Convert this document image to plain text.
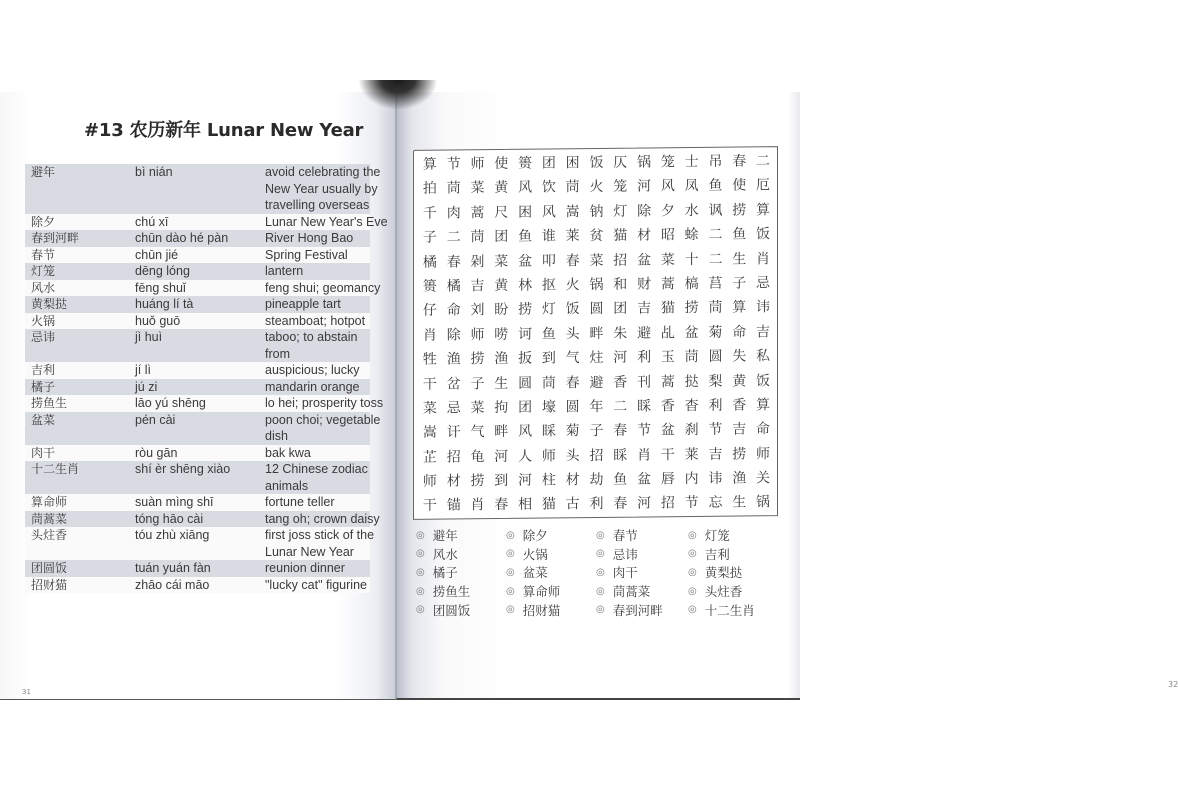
#13 农历新年 Lunar New Year
避年	bì nián	avoid celebrating the
New Year usually by
travelling overseas
除夕	chú xī	Lunar New Year's Eve
春到河畔	chūn dào hé pàn	River Hong Bao
春节	chūn jié	Spring Festival
灯笼	dēng lóng	lantern
风水	fēng shuǐ	feng shui; geomancy
黄梨挞	huáng lí tà	pineapple tart
火锅	huǒ guō	steamboat; hotpot
忌讳	jì huì	taboo; to abstain
from
吉利	jí lì	auspicious; lucky
橘子	jú zi	mandarin orange
捞鱼生	lāo yú shēng	lo hei; prosperity toss
盆菜	pén cài	poon choi; vegetable
dish
肉干	ròu gān	bak kwa
十二生肖	shí èr shēng xiào	12 Chinese zodiac
animals
算命师	suàn mìng shī	fortune teller
茼蒿菜	tóng hāo cài	tang oh; crown daisy
头炷香	tóu zhù xiāng	first joss stick of the
Lunar New Year
团圆饭	tuán yuán fàn	reunion dinner
招财猫	zhāo cái māo	"lucky cat" figurine
31
32
算 节 师 使 篑 团 困 饭 仄 锅 笼 士 吊 春 二
拍 茼 菜 黄 风 饮 茼 火 笼 河 风 凤 鱼 使 厄
千 肉 蒿 尺 困 风 嵩 钠 灯 除 夕 水 讽 捞 算
子 二 茼 团 鱼 谁 莱 贫 猫 材 昭 蜍 二 鱼 饭
橘 春 剁 菜 盆 叩 春 菜 招 盆 菜 十 二 生 肖
篑 橘 吉 黄 林 抠 火 锅 和 财 蒿 槁 莒 子 忌
仔 命 刘 盼 捞 灯 饭 圆 团 吉 猫 捞 茼 算 讳
肖 除 师 唠 诃 鱼 头 畔 朱 避 乩 盆 菊 命 吉
牲 渔 捞 渔 扳 到 气 炷 河 利 玉 茼 圆 失 私
干 岔 子 生 圆 茼 春 避 香 刊 蒿 挞 梨 黄 饭
菜 忌 菜 拘 团 壕 圆 年 二 睬 香 杳 利 香 算
嵩 讦 气 畔 风 睬 菊 子 春 节 盆 刹 节 吉 命
芷 招 龟 河 人 师 头 招 睬 肖 干 莱 吉 捞 师
师 材 捞 到 河 柱 材 劫 鱼 盆 唇 内 讳 渔 关
干 锚 肖 春 相 猫 古 利 春 河 招 节 忘 生 锅
◎ 避年	◎ 除夕	◎ 春节	◎ 灯笼
◎ 风水	◎ 火锅	◎ 忌讳	◎ 吉利
◎ 橘子	◎ 盆菜	◎ 肉干	◎ 黄梨挞
◎ 捞鱼生	◎ 算命师	◎ 茼蒿菜	◎ 头炷香
◎ 团圆饭	◎ 招财猫	◎ 春到河畔	◎ 十二生肖
